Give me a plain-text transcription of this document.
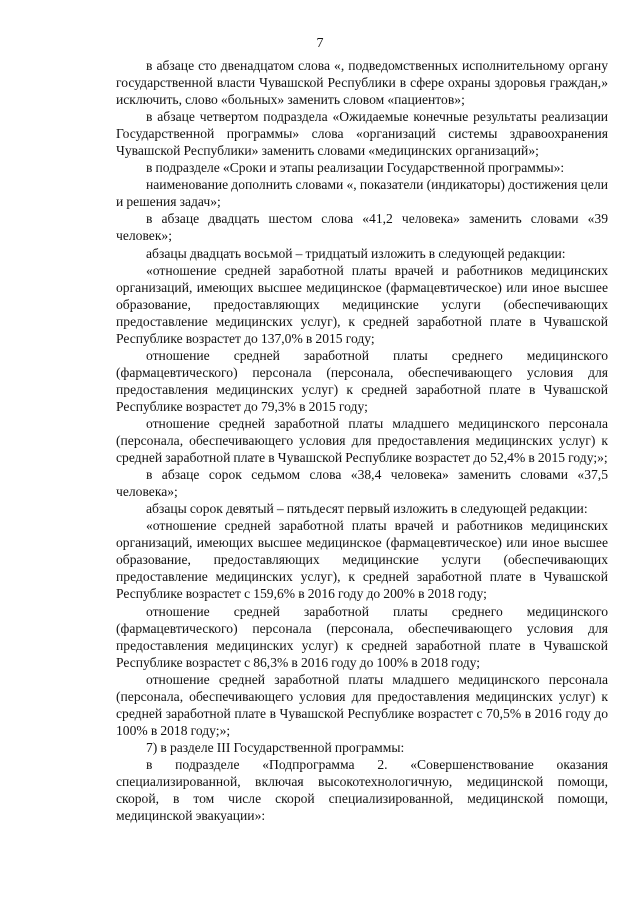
7

в абзаце сто двенадцатом слова «, подведомственных исполнительному органу государственной власти Чувашской Республики в сфере охраны здоровья граждан,» исключить, слово «больных» заменить словом «пациентов»;

в абзаце четвертом подраздела «Ожидаемые конечные результаты реализации Государственной программы» слова «организаций системы здравоохранения Чувашской Республики» заменить словами «медицинских организаций»;

в подразделе «Сроки и этапы реализации Государственной программы»:

наименование дополнить словами «, показатели (индикаторы) достижения цели и решения задач»;

в абзаце двадцать шестом слова «41,2 человека» заменить словами «39 человек»;

абзацы двадцать восьмой – тридцатый изложить в следующей редакции:

«отношение средней заработной платы врачей и работников медицинских организаций, имеющих высшее медицинское (фармацевтическое) или иное высшее образование, предоставляющих медицинские услуги (обеспечивающих предоставление медицинских услуг), к средней заработной плате в Чувашской Республике возрастет до 137,0% в 2015 году;

отношение средней заработной платы среднего медицинского (фармацевтического) персонала (персонала, обеспечивающего условия для предоставления медицинских услуг) к средней заработной плате в Чувашской Республике возрастет до 79,3% в 2015 году;

отношение средней заработной платы младшего медицинского персонала (персонала, обеспечивающего условия для предоставления медицинских услуг) к средней заработной плате в Чувашской Республике возрастет до 52,4% в 2015 году;»;

в абзаце сорок седьмом слова «38,4 человека» заменить словами «37,5 человека»;

абзацы сорок девятый – пятьдесят первый изложить в следующей редакции:

«отношение средней заработной платы врачей и работников медицинских организаций, имеющих высшее медицинское (фармацевтическое) или иное высшее образование, предоставляющих медицинские услуги (обеспечивающих предоставление медицинских услуг), к средней заработной плате в Чувашской Республике возрастет с 159,6% в 2016 году до 200% в 2018 году;

отношение средней заработной платы среднего медицинского (фармацевтического) персонала (персонала, обеспечивающего условия для предоставления медицинских услуг) к средней заработной плате в Чувашской Республике возрастет с 86,3% в 2016 году до 100% в 2018 году;

отношение средней заработной платы младшего медицинского персонала (персонала, обеспечивающего условия для предоставления медицинских услуг) к средней заработной плате в Чувашской Республике возрастет с 70,5% в 2016 году до 100% в 2018 году;»;

7) в разделе III Государственной программы:

в подразделе «Подпрограмма 2. «Совершенствование оказания специализированной, включая высокотехнологичную, медицинской помощи, скорой, в том числе скорой специализированной, медицинской помощи, медицинской эвакуации»:
